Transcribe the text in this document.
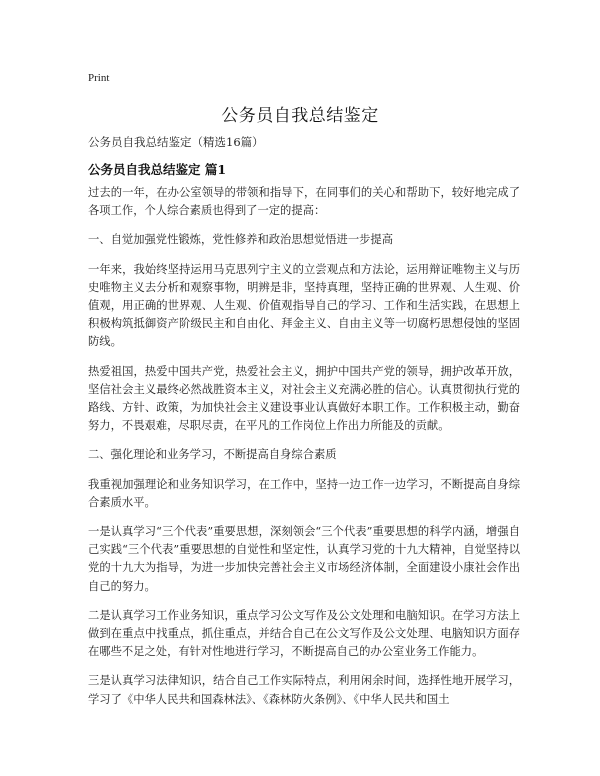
Print
公务员自我总结鉴定

公务员自我总结鉴定（精选16篇）

公务员自我总结鉴定 篇1

过去的一年，在办公室领导的带领和指导下，在同事们的关心和帮助下，较好地完成了各项工作，个人综合素质也得到了一定的提高：

一、自觉加强党性锻炼，党性修养和政治思想觉悟进一步提高

一年来，我始终坚持运用马克思列宁主义的立尝观点和方法论，运用辩证唯物主义与历史唯物主义去分析和观察事物，明辨是非，坚持真理，坚持正确的世界观、人生观、价值观，用正确的世界观、人生观、价值观指导自己的学习、工作和生活实践，在思想上积极构筑抵御资产阶级民主和自由化、拜金主义、自由主义等一切腐朽思想侵蚀的坚固防线。

热爱祖国，热爱中国共产党，热爱社会主义，拥护中国共产党的领导，拥护改革开放，坚信社会主义最终必然战胜资本主义，对社会主义充满必胜的信心。认真贯彻执行党的路线、方针、政策，为加快社会主义建设事业认真做好本职工作。工作积极主动，勤奋努力，不畏艰难，尽职尽责，在平凡的工作岗位上作出力所能及的贡献。

二、强化理论和业务学习，不断提高自身综合素质

我重视加强理论和业务知识学习，在工作中，坚持一边工作一边学习，不断提高自身综合素质水平。

一是认真学习“三个代表”重要思想，深刻领会“三个代表”重要思想的科学内涵，增强自己实践“三个代表”重要思想的自觉性和坚定性，认真学习党的十九大精神，自觉坚持以党的十九大为指导，为进一步加快完善社会主义市场经济体制，全面建设小康社会作出自己的努力。

二是认真学习工作业务知识，重点学习公文写作及公文处理和电脑知识。在学习方法上做到在重点中找重点，抓住重点，并结合自己在公文写作及公文处理、电脑知识方面存在哪些不足之处，有针对性地进行学习，不断提高自己的办公室业务工作能力。

三是认真学习法律知识，结合自己工作实际特点，利用闲余时间，选择性地开展学习，学习了《中华人民共和国森林法》、《森林防火条例》、《中华人民共和国土
